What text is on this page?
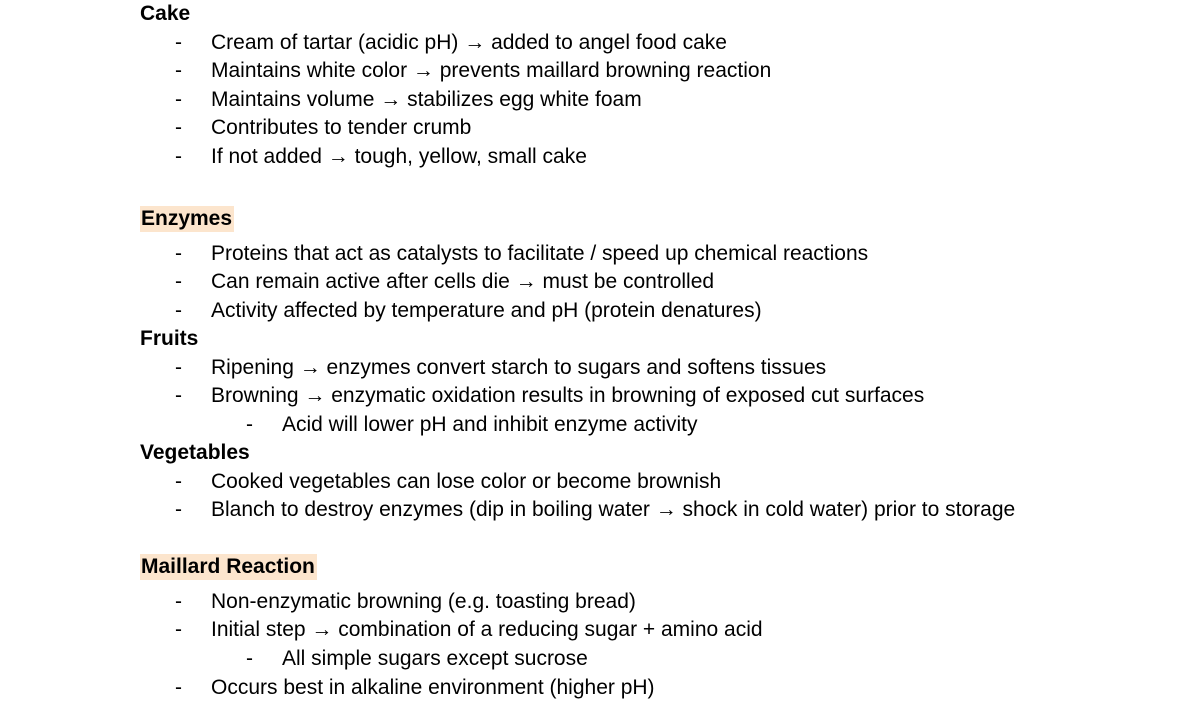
Cake
- Cream of tartar (acidic pH) → added to angel food cake
- Maintains white color → prevents maillard browning reaction
- Maintains volume → stabilizes egg white foam
- Contributes to tender crumb
- If not added → tough, yellow, small cake
Enzymes
- Proteins that act as catalysts to facilitate / speed up chemical reactions
- Can remain active after cells die → must be controlled
- Activity affected by temperature and pH (protein denatures)
Fruits
- Ripening → enzymes convert starch to sugars and softens tissues
- Browning → enzymatic oxidation results in browning of exposed cut surfaces
- Acid will lower pH and inhibit enzyme activity
Vegetables
- Cooked vegetables can lose color or become brownish
- Blanch to destroy enzymes (dip in boiling water → shock in cold water) prior to storage
Maillard Reaction
- Non-enzymatic browning (e.g. toasting bread)
- Initial step → combination of a reducing sugar + amino acid
- All simple sugars except sucrose
- Occurs best in alkaline environment (higher pH)
